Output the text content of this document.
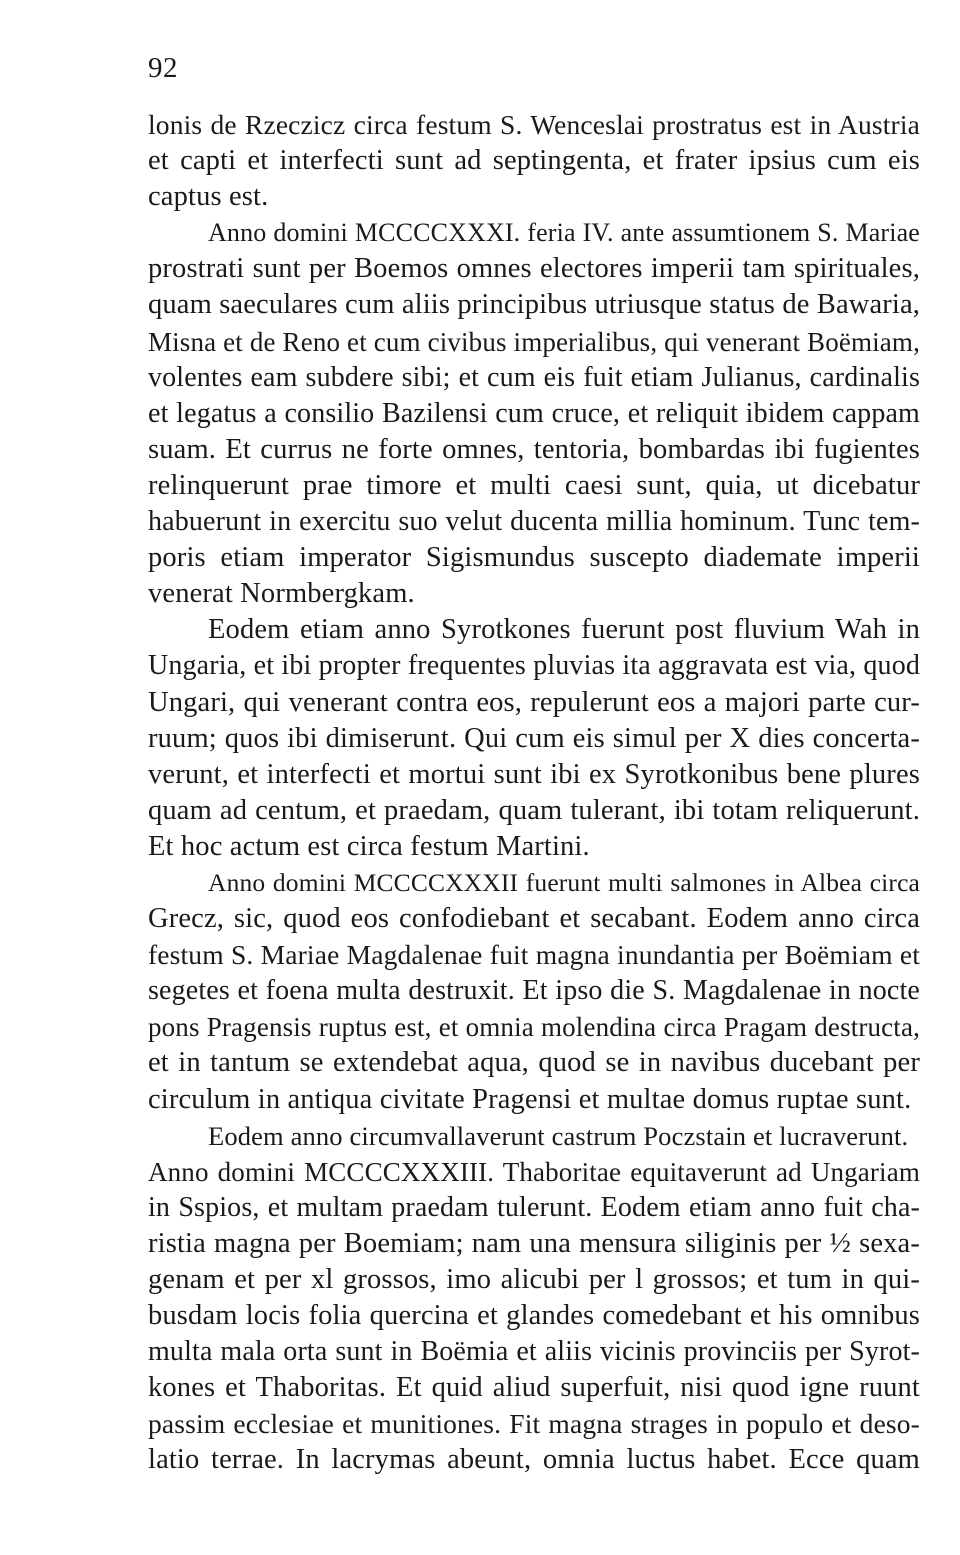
92
lonis de Rzeczicz circa festum S. Wenceslai prostratus est in Austria
et capti et interfecti sunt ad septingenta, et frater ipsius cum eis
captus est.
Anno domini MCCCCXXXI. feria IV. ante assumtionem S. Mariae
prostrati sunt per Boemos omnes electores imperii tam spirituales,
quam saeculares cum aliis principibus utriusque status de Bawaria,
Misna et de Reno et cum civibus imperialibus, qui venerant Boëmiam,
volentes eam subdere sibi; et cum eis fuit etiam Julianus, cardinalis
et legatus a consilio Bazilensi cum cruce, et reliquit ibidem cappam
suam. Et currus ne forte omnes, tentoria, bombardas ibi fugientes
relinquerunt prae timore et multi caesi sunt, quia, ut dicebatur
habuerunt in exercitu suo velut ducenta millia hominum. Tunc tem-
poris etiam imperator Sigismundus suscepto diademate imperii
venerat Normbergkam.
Eodem etiam anno Syrotkones fuerunt post fluvium Wah in
Ungaria, et ibi propter frequentes pluvias ita aggravata est via, quod
Ungari, qui venerant contra eos, repulerunt eos a majori parte cur-
ruum; quos ibi dimiserunt. Qui cum eis simul per X dies concerta-
verunt, et interfecti et mortui sunt ibi ex Syrotkonibus bene plures
quam ad centum, et praedam, quam tulerant, ibi totam reliquerunt.
Et hoc actum est circa festum Martini.
Anno domini MCCCCXXXII fuerunt multi salmones in Albea circa
Grecz, sic, quod eos confodiebant et secabant. Eodem anno circa
festum S. Mariae Magdalenae fuit magna inundantia per Boëmiam et
segetes et foena multa destruxit. Et ipso die S. Magdalenae in nocte
pons Pragensis ruptus est, et omnia molendina circa Pragam destructa,
et in tantum se extendebat aqua, quod se in navibus ducebant per
circulum in antiqua civitate Pragensi et multae domus ruptae sunt.
Eodem anno circumvallaverunt castrum Poczstain et lucraverunt.
Anno domini MCCCCXXXIII. Thaboritae equitaverunt ad Ungariam
in Sspios, et multam praedam tulerunt. Eodem etiam anno fuit cha-
ristia magna per Boemiam; nam una mensura siliginis per ½ sexa-
genam et per xl grossos, imo alicubi per l grossos; et tum in qui-
busdam locis folia quercina et glandes comedebant et his omnibus
multa mala orta sunt in Boëmia et aliis vicinis provinciis per Syrot-
kones et Thaboritas. Et quid aliud superfuit, nisi quod igne ruunt
passim ecclesiae et munitiones. Fit magna strages in populo et deso-
latio terrae. In lacrymas abeunt, omnia luctus habet. Ecce quam
